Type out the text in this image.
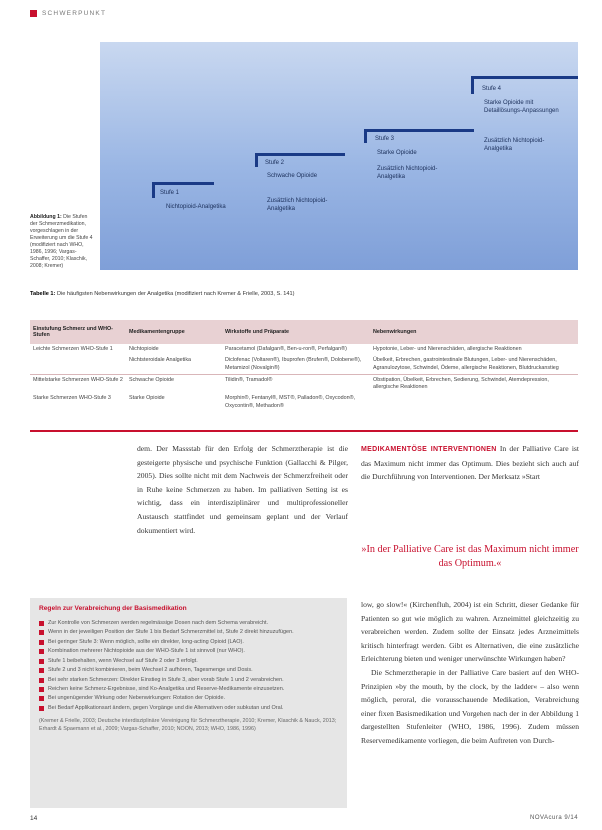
SCHWERPUNKT
Stufe 1
Nichtopioid-Analgetika
Stufe 2
Schwache Opioide
Zusätzlich Nichtopioid-Analgetika
Stufe 3
Starke Opioide
Zusätzlich Nichtopioid-Analgetika
Stufe 4
Starke Opioide mit Detaillösungs-Anpassungen
Zusätzlich Nichtopioid-Analgetika
Abbildung 1: Die Stufen der Schmerzmedikation, vorgeschlagen in der Erweiterung um die Stufe 4 (modifiziert nach WHO, 1986, 1996; Vargas-Schaffer, 2010; Klaschik, 2008; Kremer)
Tabelle 1: Die häufigsten Nebenwirkungen der Analgetika (modifiziert nach Kremer & Frielle, 2003, S. 141)
Einstufung Schmerz und WHO-Stufen	Medikamentengruppe	Wirkstoffe und Präparate	Nebenwirkungen
Leichte Schmerzen WHO-Stufe 1	Nichtopioide	Paracetamol (Dafalgan®, Ben-u-ron®, Perfalgan®)	Hypotonie, Leber- und Nierenschäden, allergische Reaktionen
	Nichtsteroidale Analgetika	Diclofenac (Voltaren®), Ibuprofen (Brufen®, Dolobene®), Metamizol (Novalgin®)	Übelkeit, Erbrechen, gastrointestinale Blutungen, Leber- und Nierenschäden, Agranulozytose, Schwindel, Ödeme, allergische Reaktionen, Blutdruckanstieg
Mittelstarke Schmerzen WHO-Stufe 2	Schwache Opioide	Tilidin®, Tramadol®	Obstipation, Übelkeit, Erbrechen, Sedierung, Schwindel, Atemdepression, allergische Reaktionen
Starke Schmerzen WHO-Stufe 3	Starke Opioide	Morphin®, Fentanyl®, MST®, Palladon®, Oxycodon®, Oxycontin®, Methadon®	

dem. Der Massstab für den Erfolg der Schmerztherapie ist die gesteigerte physische und psychische Funktion (Gallacchi & Pilger, 2005). Dies sollte nicht mit dem Nachweis der Schmerzfreiheit oder in Ruhe keine Schmerzen zu haben. Im palliativen Setting ist es wichtig, dass ein interdisziplinärer und multiprofessioneller Austausch stattfindet und gemeinsam geplant und der Verlauf dokumentiert wird.

MEDIKAMENTÖSE INTERVENTIONEN In der Palliative Care ist das Maximum nicht immer das Optimum. Dies bezieht sich auch auf die Durchführung von Interventionen. Der Merksatz »Start

»In der Palliative Care ist das Maximum nicht immer das Optimum.«

low, go slow!« (Kirchenfluh, 2004) ist ein Schritt, dieser Gedanke für Patienten so gut wie möglich zu wahren. Arzneimittel gleichzeitig zu verabreichen werden. Zudem sollte der Einsatz jedes Arzneimittels kritisch hinterfragt werden. Gibt es Alternativen, die eine zusätzliche Erleichterung bieten und weniger unerwünschte Wirkungen haben?

Die Schmerztherapie in der Palliative Care basiert auf den WHO-Prinzipien »by the mouth, by the clock, by the ladder« – also wenn möglich, peroral, die vorausschauende Medikation, Verabreichung einer fixen Basismedikation und Vorgehen nach der in der Abbildung 1 dargestellten Stufenleiter (WHO, 1986, 1996). Zudem müssen Reservemedikamente vorliegen, die beim Auftreten von Durch-

Regeln zur Verabreichung der Basismedikation
Zur Kontrolle von Schmerzen werden regelmässige Dosen nach dem Schema verabreicht.
Wenn in der jeweiligen Position der Stufe 1 bis Bedarf Schmerzmittel ist, Stufe 2 direkt hinzuzufügen.
Bei geringer Stufe 3: Wenn möglich, sollte ein direkter, long-acting Opioid (LAO).
Kombination mehrerer Nichtopioide aus der WHO-Stufe 1 ist sinnvoll (nur WHO).
Stufe 1 beibehalten, wenn Wechsel auf Stufe 2 oder 3 erfolgt.
Stufe 2 und 3 nicht kombinieren, beim Wechsel 2 aufhören, Tagesmenge und Dosis.
Bei sehr starken Schmerzen: Direkter Einstieg in Stufe 3, aber vorab Stufe 1 und 2 verabreichen.
Reichen keine Schmerz-Ergebnisse, sind Ko-Analgetika und Reserve-Medikamente einzusetzen.
Bei ungenügender Wirkung oder Nebenwirkungen: Rotation der Opioide.
Bei Bedarf Applikationsart ändern, gegen Vorgänge und die Alternativen oder subkutan und Oral.
(Kremer & Frielle, 2003; Deutsche interdisziplinäre Vereinigung für Schmerztherapie, 2010; Kremer, Klaschik & Nauck, 2013; Erhardt & Spaemann et al., 2009; Vargas-Schaffer, 2010; NOON, 2013; WHO, 1986, 1996)
14	NOVAcura 9/14
